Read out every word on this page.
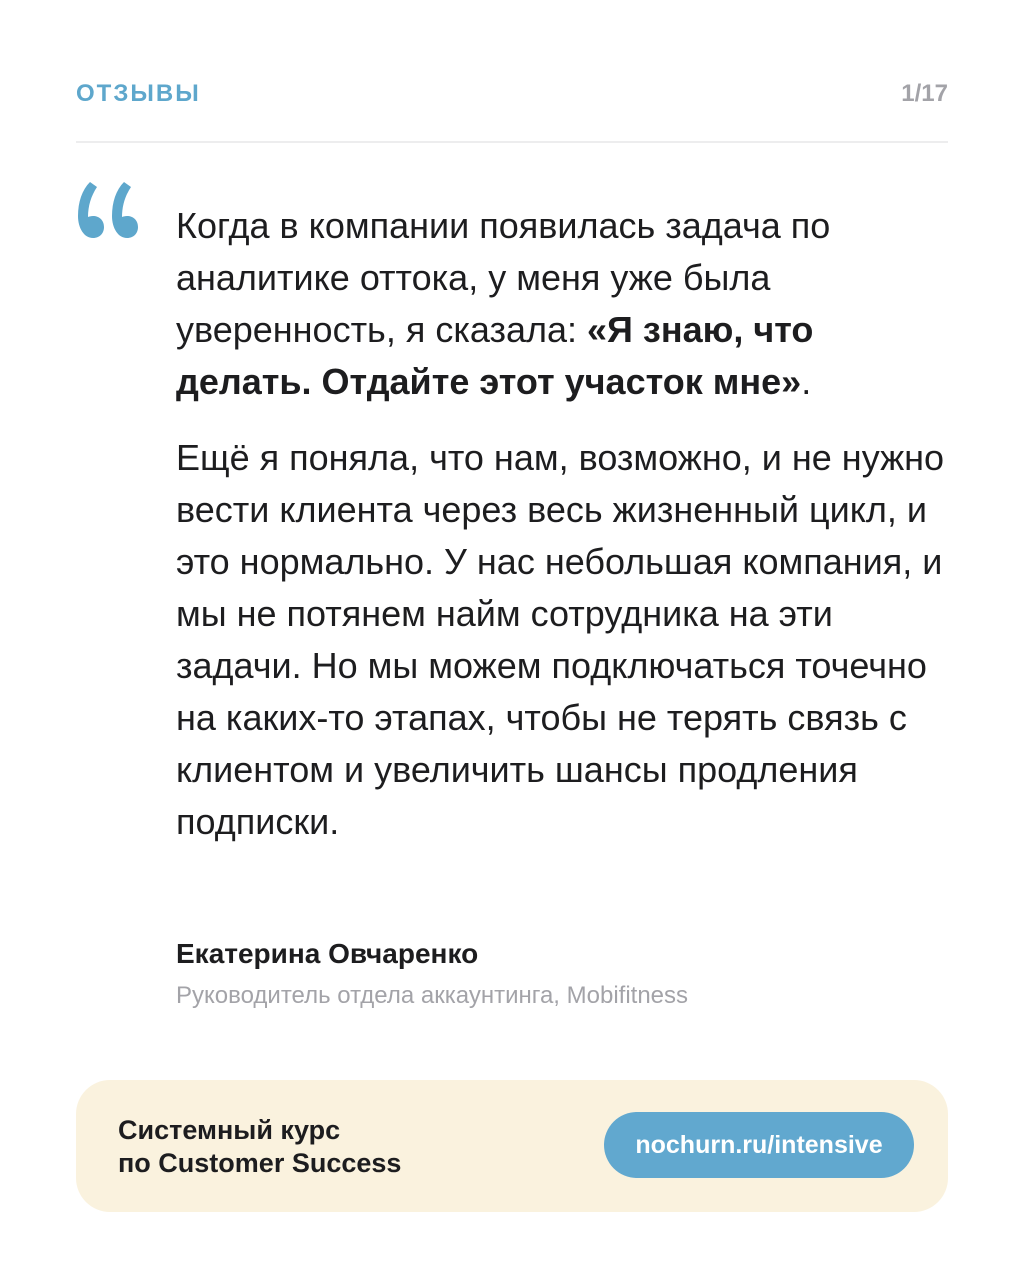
ОТЗЫВЫ	1/17

Когда в компании появилась задача по аналитике оттока, у меня уже была уверенность, я сказала: «Я знаю, что делать. Отдайте этот участок мне».

Ещё я поняла, что нам, возможно, и не нужно вести клиента через весь жизненный цикл, и это нормально. У нас небольшая компания, и мы не потянем найм сотрудника на эти задачи. Но мы можем подключаться точечно на каких-то этапах, чтобы не терять связь с клиентом и увеличить шансы продления подписки.

Екатерина Овчаренко
Руководитель отдела аккаунтинга, Mobifitness
Системный курс
по Customer Success
nochurn.ru/intensive
